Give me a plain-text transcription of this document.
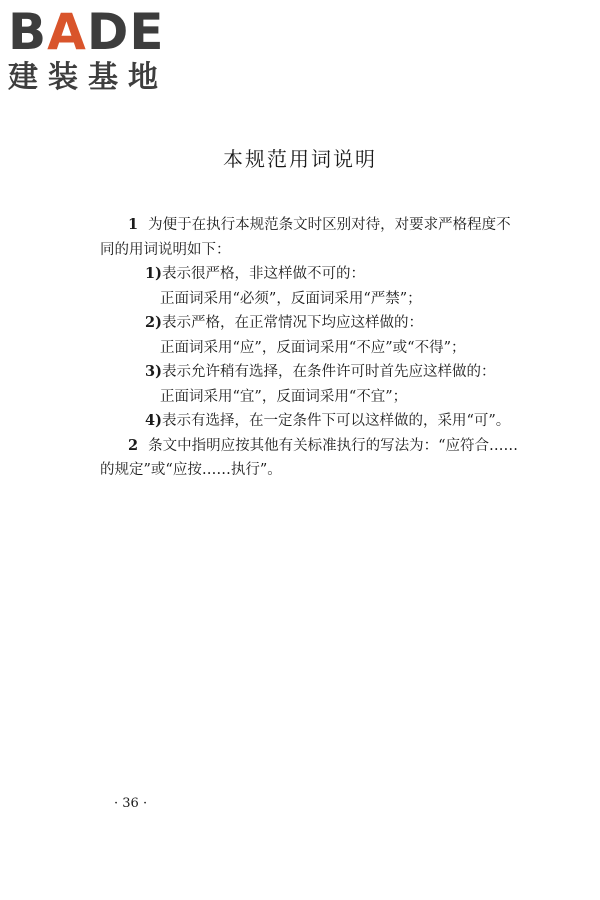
BADE
建装基地
本规范用词说明
1 为便于在执行本规范条文时区别对待，对要求严格程度不
同的用词说明如下：
1)表示很严格，非这样做不可的：
正面词采用“必须”，反面词采用“严禁”；
2)表示严格，在正常情况下均应这样做的：
正面词采用“应”，反面词采用“不应”或“不得”；
3)表示允许稍有选择，在条件许可时首先应这样做的：
正面词采用“宜”，反面词采用“不宜”；
4)表示有选择，在一定条件下可以这样做的，采用“可”。
2 条文中指明应按其他有关标准执行的写法为：“应符合……
的规定”或“应按……执行”。
· 36 ·
